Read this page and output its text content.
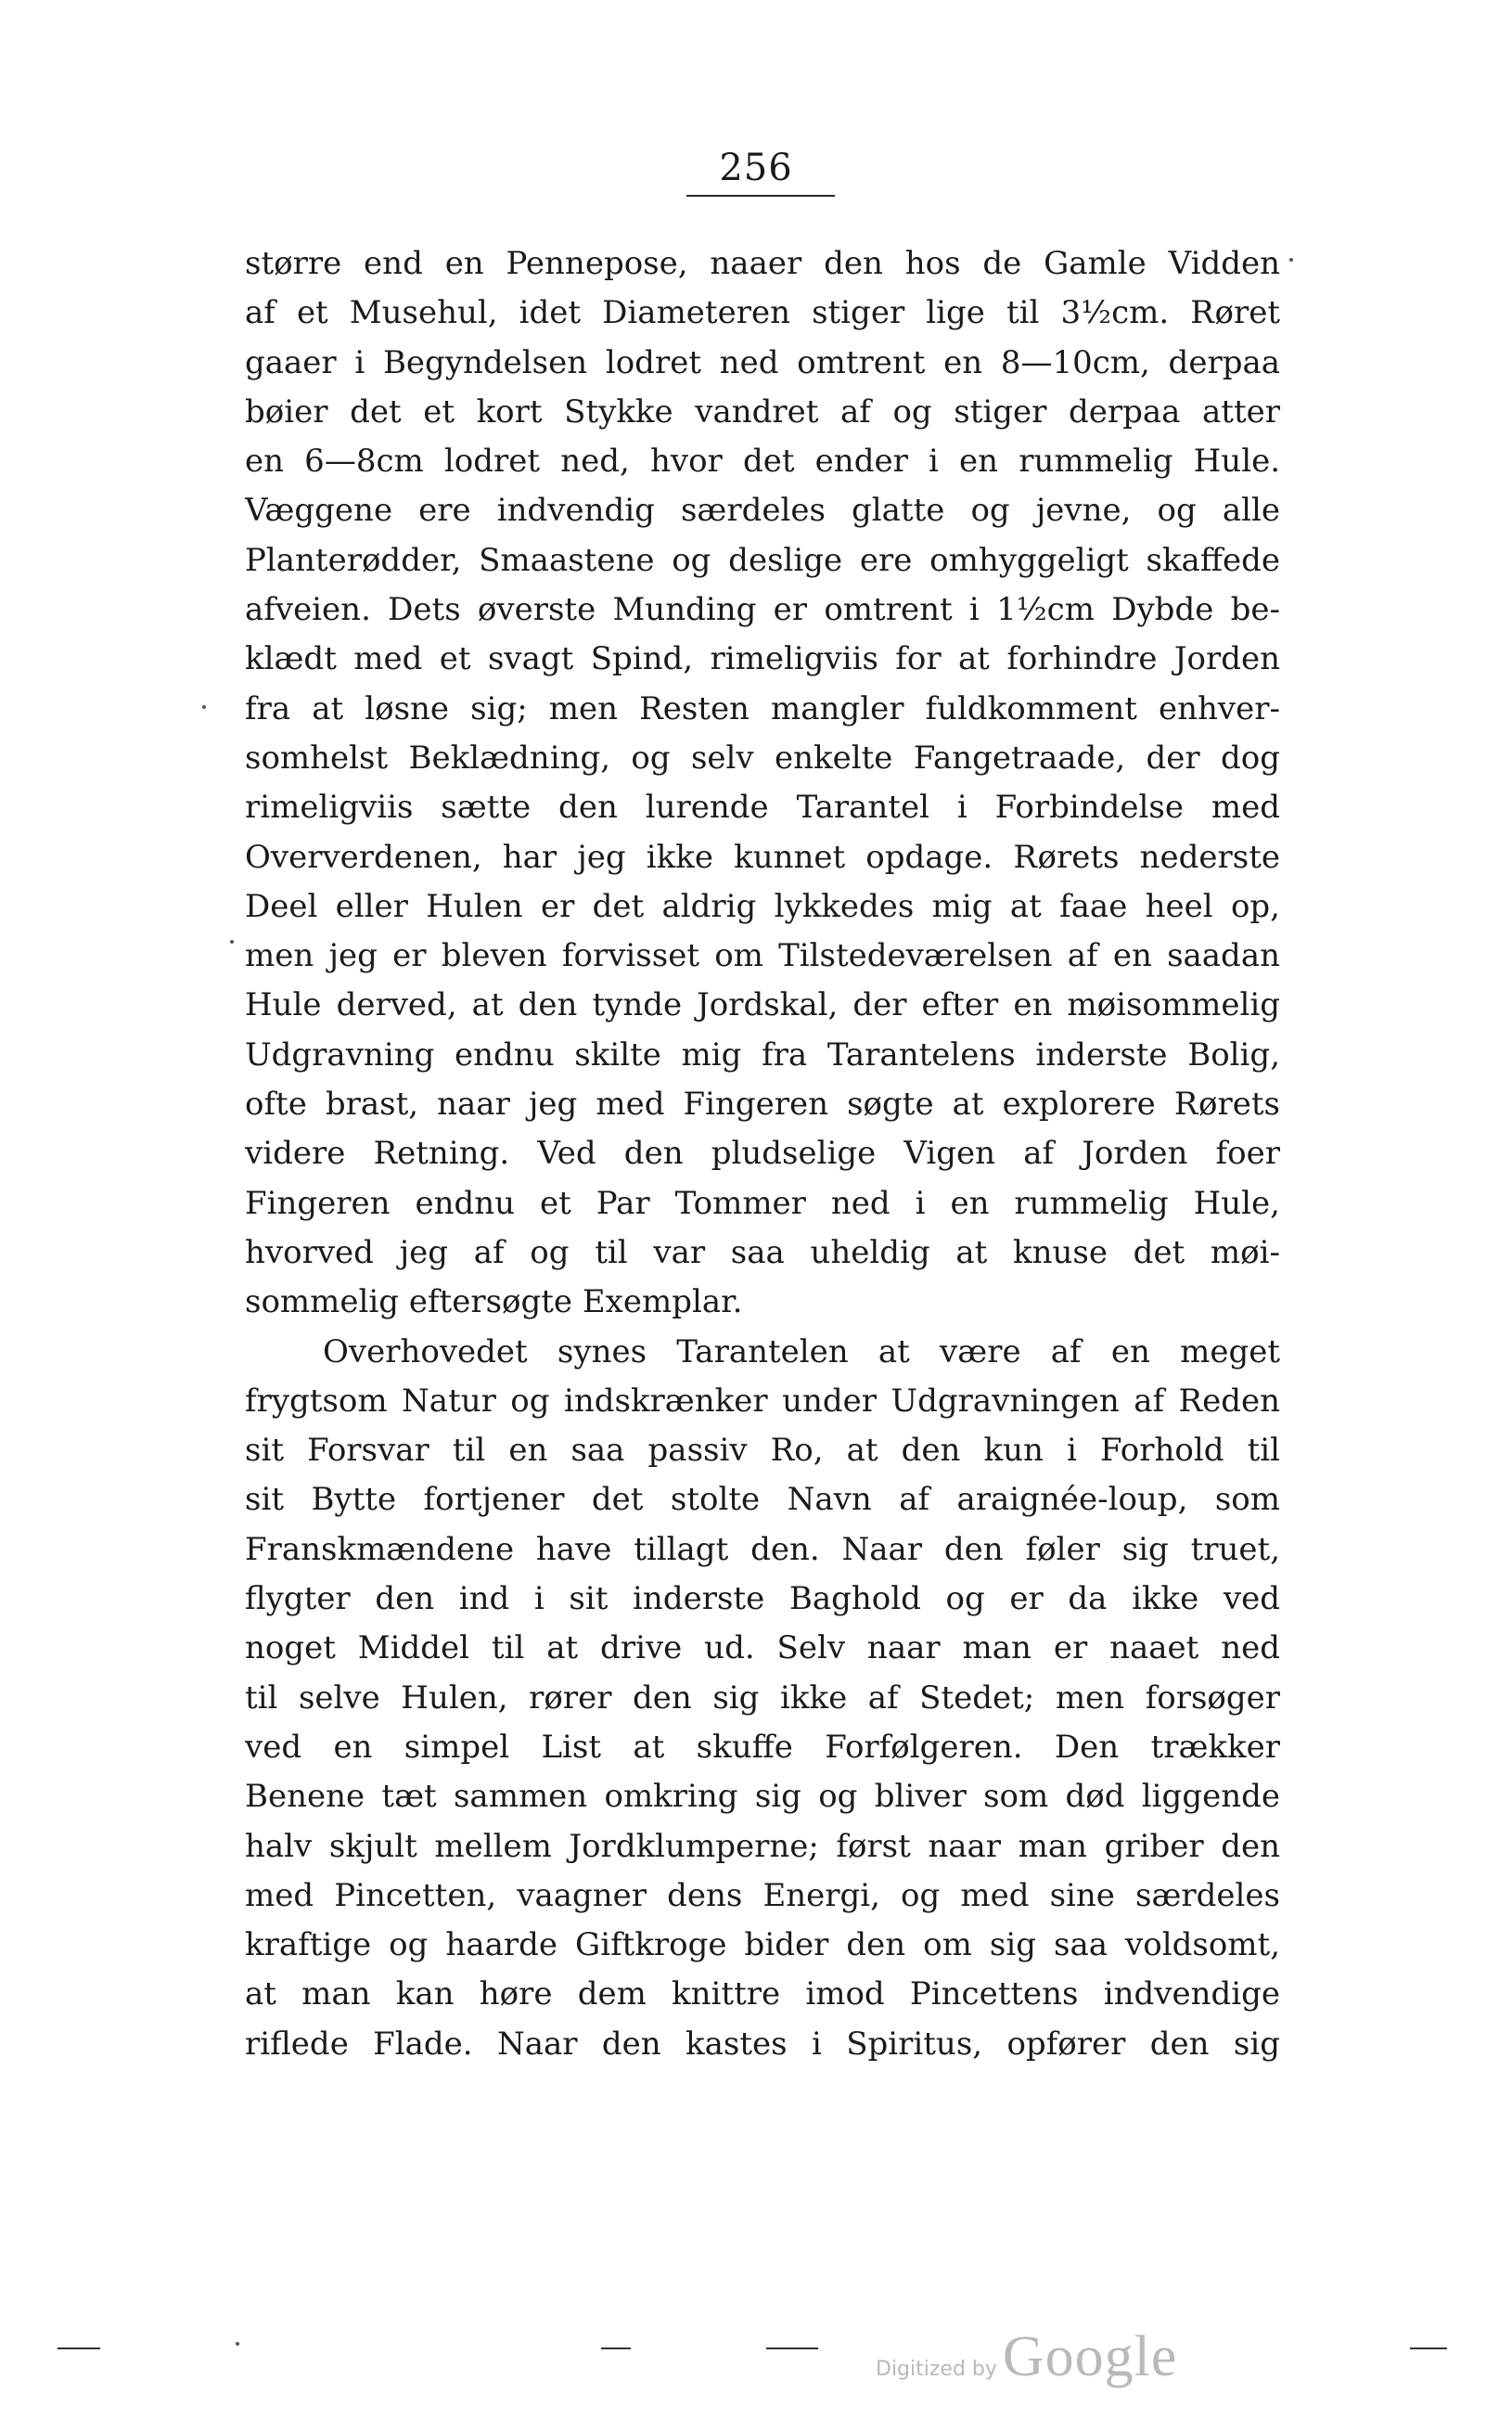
256
større end en Pennepose, naaer den hos de Gamle Vidden
af et Musehul, idet Diameteren stiger lige til 3½cm. Røret
gaaer i Begyndelsen lodret ned omtrent en 8—10cm, derpaa
bøier det et kort Stykke vandret af og stiger derpaa atter
en 6—8cm lodret ned, hvor det ender i en rummelig Hule.
Væggene ere indvendig særdeles glatte og jevne, og alle
Planterødder, Smaastene og deslige ere omhyggeligt skaffede
afveien. Dets øverste Munding er omtrent i 1½cm Dybde be-
klædt med et svagt Spind, rimeligviis for at forhindre Jorden
fra at løsne sig; men Resten mangler fuldkomment enhver-
somhelst Beklædning, og selv enkelte Fangetraade, der dog
rimeligviis sætte den lurende Tarantel i Forbindelse med
Oververdenen, har jeg ikke kunnet opdage. Rørets nederste
Deel eller Hulen er det aldrig lykkedes mig at faae heel op,
men jeg er bleven forvisset om Tilstedeværelsen af en saadan
Hule derved, at den tynde Jordskal, der efter en møisommelig
Udgravning endnu skilte mig fra Tarantelens inderste Bolig,
ofte brast, naar jeg med Fingeren søgte at explorere Rørets
videre Retning. Ved den pludselige Vigen af Jorden foer
Fingeren endnu et Par Tommer ned i en rummelig Hule,
hvorved jeg af og til var saa uheldig at knuse det møi-
sommelig eftersøgte Exemplar.
Overhovedet synes Tarantelen at være af en meget
frygtsom Natur og indskrænker under Udgravningen af Reden
sit Forsvar til en saa passiv Ro, at den kun i Forhold til
sit Bytte fortjener det stolte Navn af araignée-loup, som
Franskmændene have tillagt den. Naar den føler sig truet,
flygter den ind i sit inderste Baghold og er da ikke ved
noget Middel til at drive ud. Selv naar man er naaet ned
til selve Hulen, rører den sig ikke af Stedet; men forsøger
ved en simpel List at skuffe Forfølgeren. Den trækker
Benene tæt sammen omkring sig og bliver som død liggende
halv skjult mellem Jordklumperne; først naar man griber den
med Pincetten, vaagner dens Energi, og med sine særdeles
kraftige og haarde Giftkroge bider den om sig saa voldsomt,
at man kan høre dem knittre imod Pincettens indvendige
riflede Flade. Naar den kastes i Spiritus, opfører den sig
Digitized by Google
